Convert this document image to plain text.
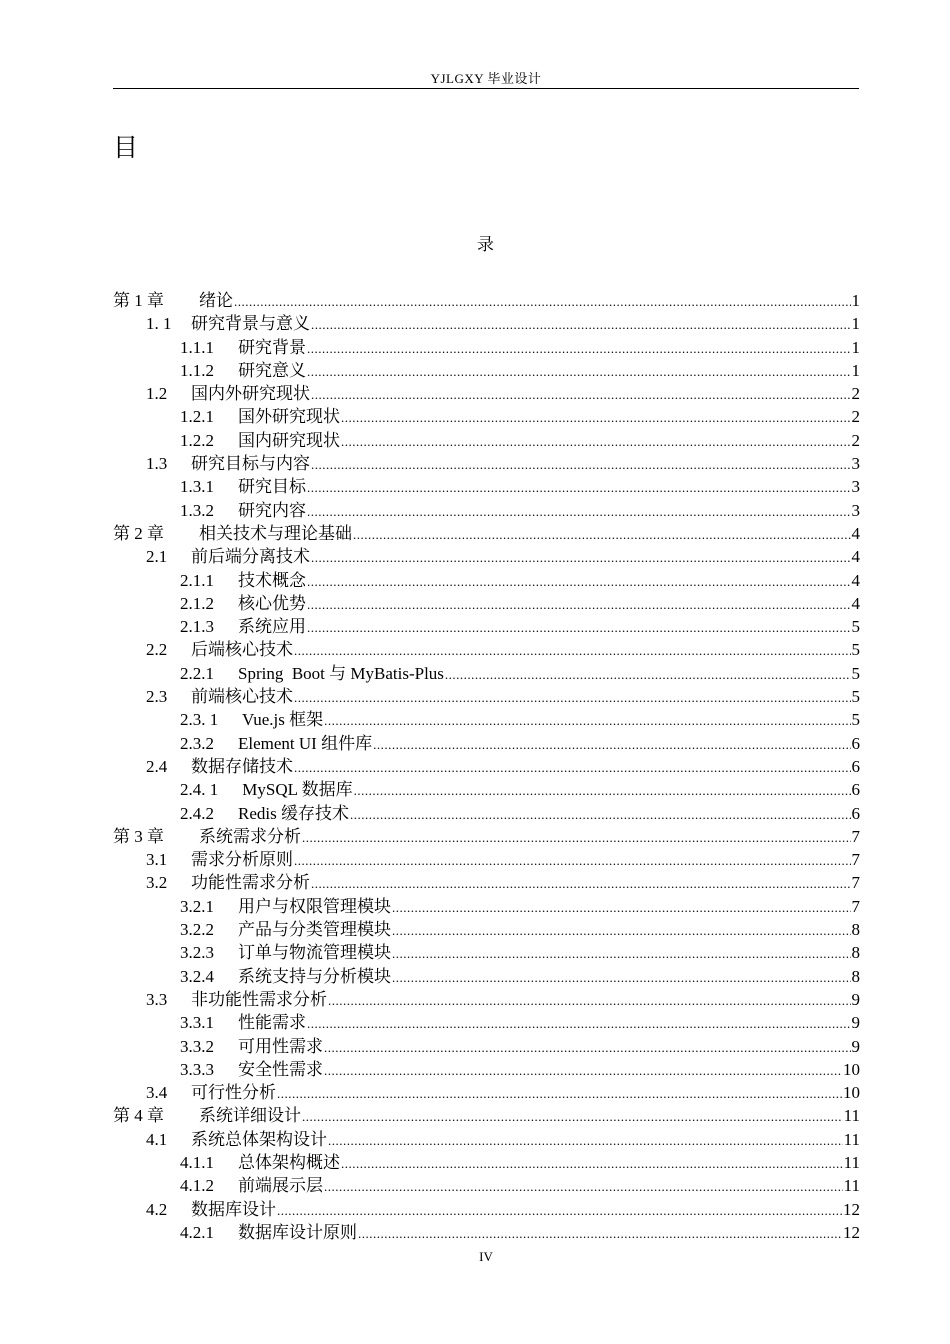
YJLGXY 毕业设计
目
录
第 1 章	绪论 .....	1
1. 1	研究背景与意义 .....	1
1.1.1	研究背景 .....	1
1.1.2	研究意义 .....	1
1.2	国内外研究现状 .....	2
1.2.1	国外研究现状 .....	2
1.2.2	国内研究现状 .....	2
1.3	研究目标与内容 .....	3
1.3.1	研究目标 .....	3
1.3.2	研究内容 .....	3
第 2 章	相关技术与理论基础 .....	4
2.1	前后端分离技术 .....	4
2.1.1	技术概念 .....	4
2.1.2	核心优势 .....	4
2.1.3	系统应用 .....	5
2.2	后端核心技术 .....	5
2.2.1	Spring  Boot 与 MyBatis-Plus .....	5
2.3	前端核心技术 .....	5
2.3. 1	Vue.js 框架 .....	5
2.3.2	Element UI 组件库 .....	6
2.4	数据存储技术 .....	6
2.4. 1	MySQL 数据库 .....	6
2.4.2	Redis 缓存技术 .....	6
第 3 章	系统需求分析 .....	7
3.1	需求分析原则 .....	7
3.2	功能性需求分析 .....	7
3.2.1	用户与权限管理模块 .....	7
3.2.2	产品与分类管理模块 .....	8
3.2.3	订单与物流管理模块 .....	8
3.2.4	系统支持与分析模块 .....	8
3.3	非功能性需求分析 .....	9
3.3.1	性能需求 .....	9
3.3.2	可用性需求 .....	9
3.3.3	安全性需求 .....	10
3.4	可行性分析 .....	10
第 4 章	系统详细设计 .....	11
4.1	系统总体架构设计 .....	11
4.1.1	总体架构概述 .....	11
4.1.2	前端展示层 .....	11
4.2	数据库设计 .....	12
4.2.1	数据库设计原则 .....	12
IV
